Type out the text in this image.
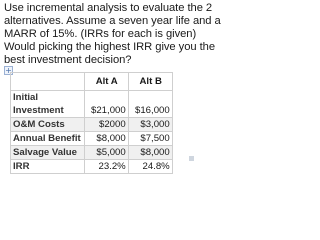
Use incremental analysis to evaluate the 2
alternatives. Assume a seven year life and a
MARR of 15%. (IRRs for each is given)
Would picking the highest IRR give you the
best investment decision?
+
	Alt A	Alt B
Initial		
Investment	$21,000	$16,000
O&M Costs	$2000	$3,000
Annual Benefit	$8,000	$7,500
Salvage Value	$5,000	$8,000
IRR	23.2%	24.8%
